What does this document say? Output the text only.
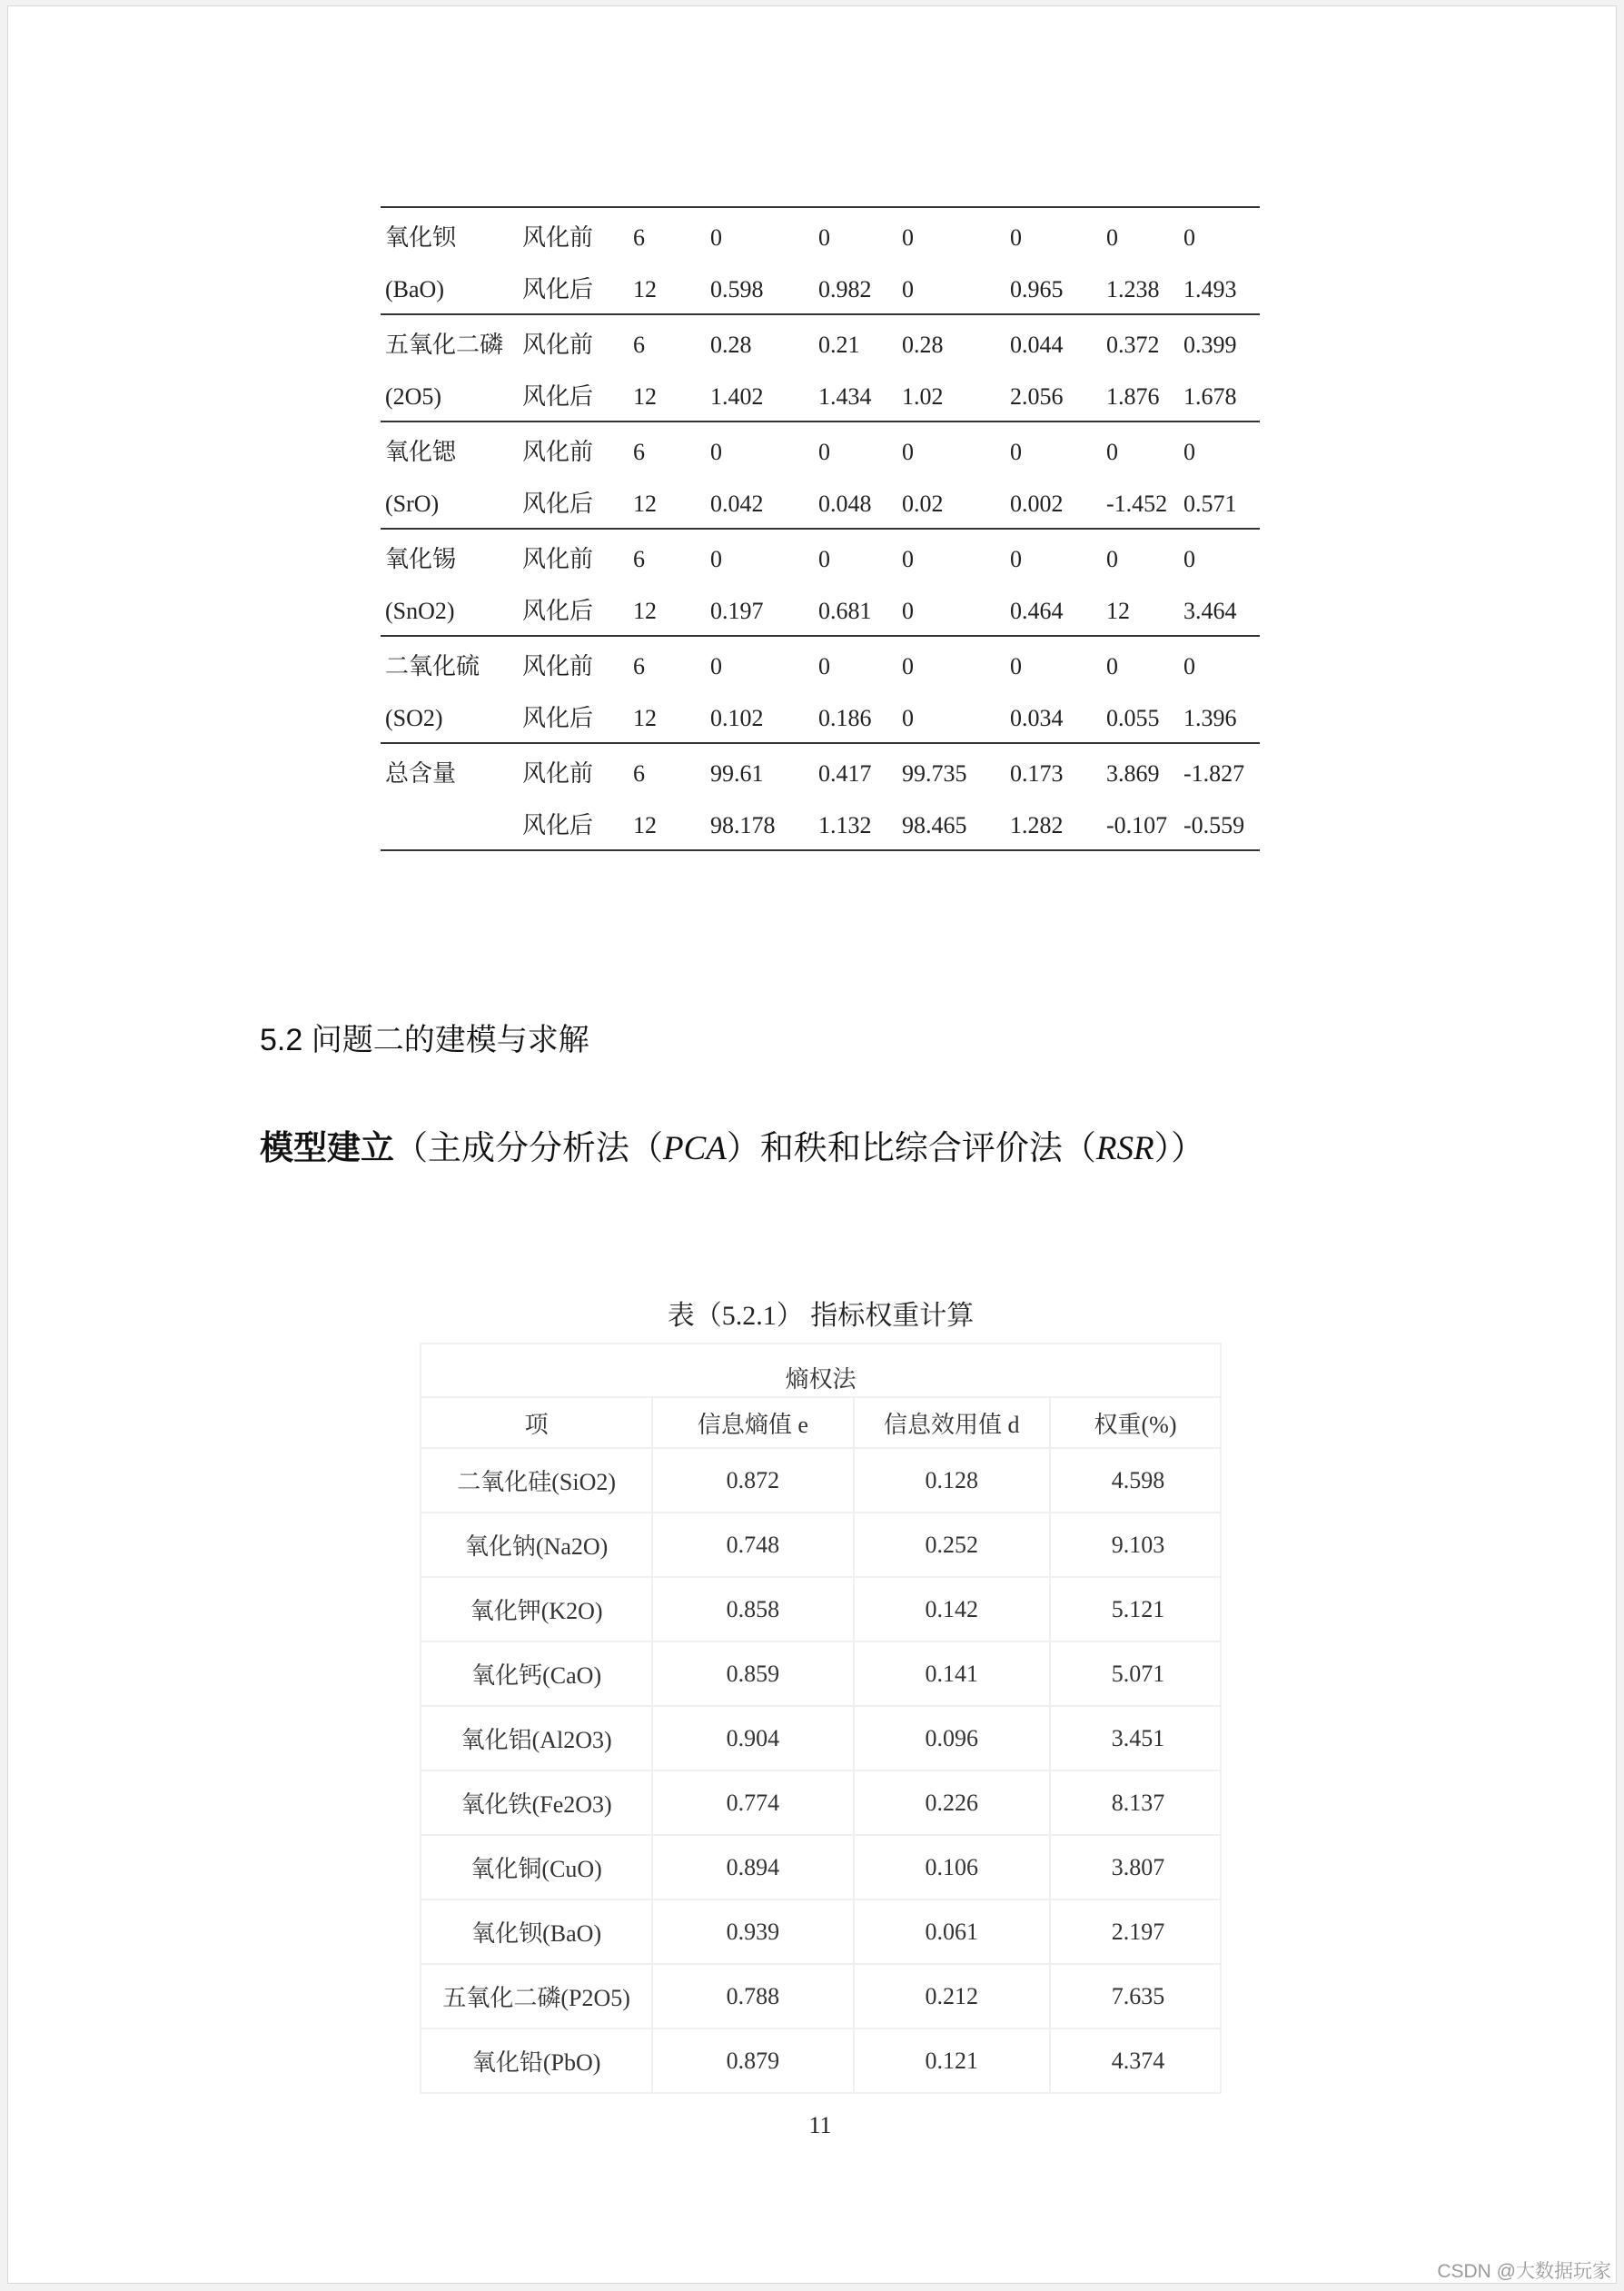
氧化钡	风化前 6	0	0	0	0	0	0
(BaO)	风化后 12 0.598 0.982 0	0.965 1.238 1.493
五氧化二磷 风化前 6	0.28	0.21 0.28	0.044 0.372 0.399
(2O5)	风化后 12 1.402 1.434 1.02	2.056 1.876 1.678
氧化锶	风化前 6	0	0	0	0	0	0
(SrO)	风化后 12 0.042 0.048 0.02	0.002 -1.452 0.571
氧化锡	风化前 6	0	0	0	0	0	0
(SnO2)	风化后 12 0.197 0.681 0	0.464 12 3.464
二氧化硫 风化前 6	0	0	0	0	0	0
(SO2)	风化后 12 0.102 0.186 0	0.034 0.055 1.396
总含量	风化前 6	99.61 0.417 99.735 0.173 3.869 -1.827
风化后 12 98.178 1.132 98.465 1.282 -0.107 -0.559
5.2 问题二的建模与求解
模型建立（主成分分析法（PCA）和秩和比综合评价法（RSR））
表（5.2.1） 指标权重计算
熵权法			
项	信息熵值 e	信息效用值 d	权重(%)
二氧化硅(SiO2)	0.872	0.128	4.598
氧化钠(Na2O)	0.748	0.252	9.103
氧化钾(K2O)	0.858	0.142	5.121
氧化钙(CaO)	0.859	0.141	5.071
氧化铝(Al2O3)	0.904	0.096	3.451
氧化铁(Fe2O3)	0.774	0.226	8.137
氧化铜(CuO)	0.894	0.106	3.807
氧化钡(BaO)	0.939	0.061	2.197
五氧化二磷(P2O5)	0.788	0.212	7.635
氧化铅(PbO)	0.879	0.121	4.374
11
CSDN @大数据玩家
